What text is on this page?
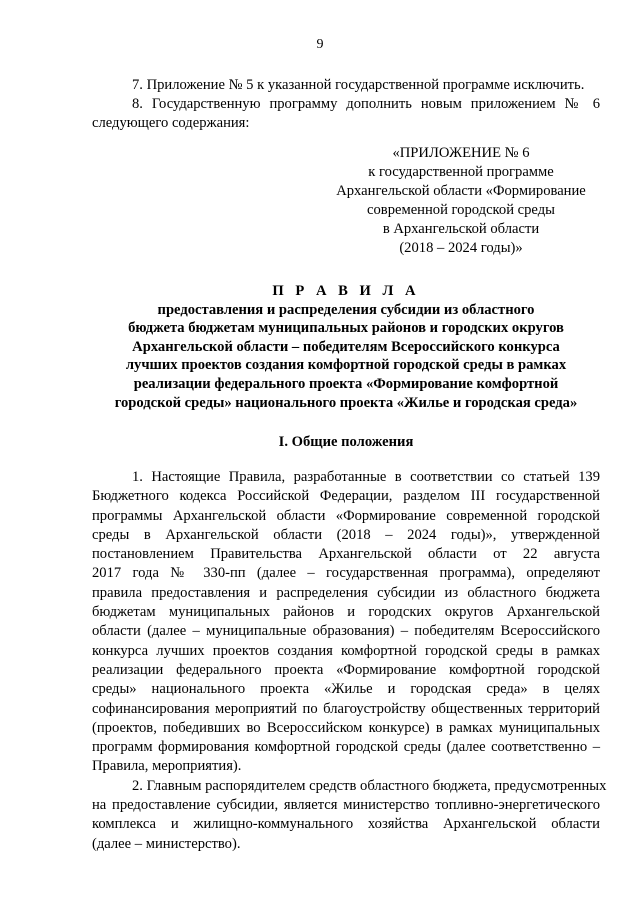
9

7. Приложение № 5 к указанной государственной программе исключить.

8. Государственную программу дополнить новым приложением № 6 следующего содержания:

«ПРИЛОЖЕНИЕ № 6
к государственной программе
Архангельской области «Формирование
современной городской среды
в Архангельской области
(2018 – 2024 годы)»
П Р А В И Л А
предоставления и распределения субсидии из областного
бюджета бюджетам муниципальных районов и городских округов
Архангельской области – победителям Всероссийского конкурса
лучших проектов создания комфортной городской среды в рамках
реализации федерального проекта «Формирование комфортной
городской среды» национального проекта «Жилье и городская среда»
I. Общие положения

1. Настоящие Правила, разработанные в соответствии со статьей 139
Бюджетного кодекса Российской Федерации, разделом III государственной
программы Архангельской области «Формирование современной городской
среды в Архангельской области (2018 – 2024 годы)», утвержденной
постановлением Правительства Архангельской области от 22 августа
2017 года № 330-пп (далее – государственная программа), определяют
правила предоставления и распределения субсидии из областного бюджета
бюджетам муниципальных районов и городских округов Архангельской
области (далее – муниципальные образования) – победителям Всероссийского
конкурса лучших проектов создания комфортной городской среды в рамках
реализации федерального проекта «Формирование комфортной городской
среды» национального проекта «Жилье и городская среда» в целях
софинансирования мероприятий по благоустройству общественных территорий
(проектов, победивших во Всероссийском конкурсе) в рамках муниципальных
программ формирования комфортной городской среды (далее соответственно –
Правила, мероприятия).

2. Главным распорядителем средств областного бюджета, предусмотренных
на предоставление субсидии, является министерство топливно-энергетического
комплекса и жилищно-коммунального хозяйства Архангельской области
(далее – министерство).
